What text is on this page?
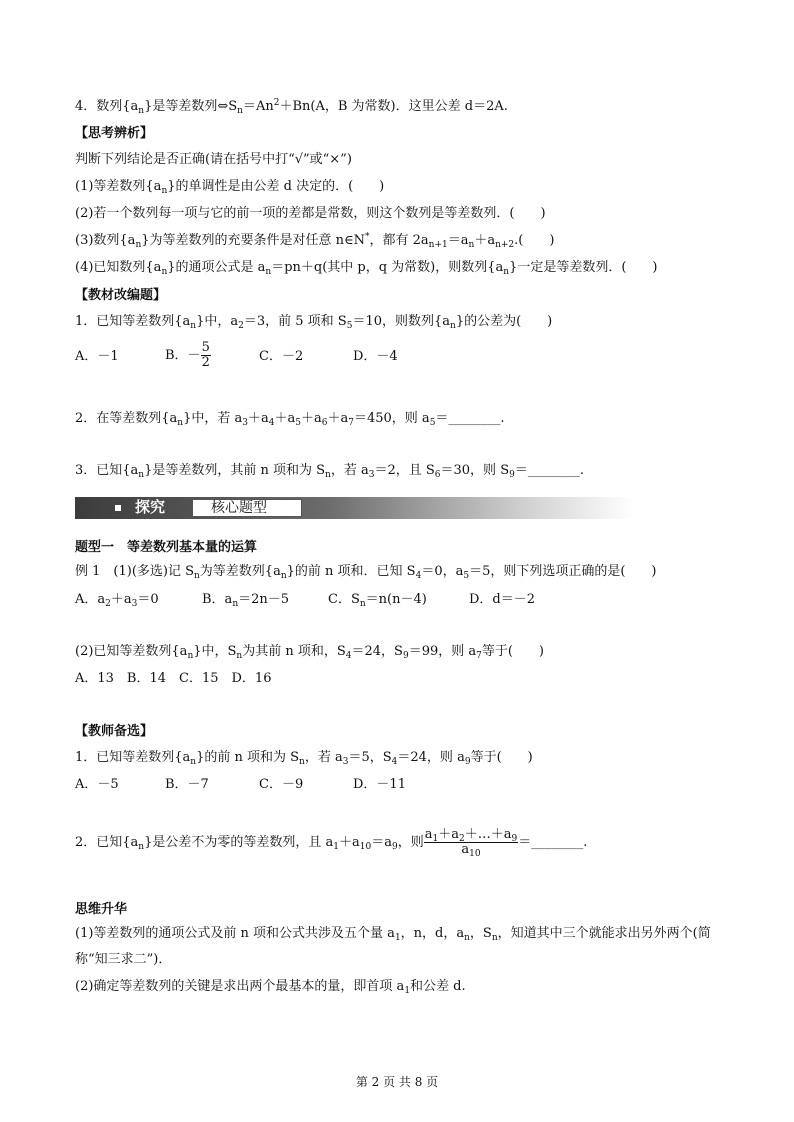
4．数列$\{a_n\}$是等差数列$\Leftrightarrow S_n=An^2+Bn(A$，B 为常数)．这里公差 d＝2A.
【思考辨析】
判断下列结论是否正确(请在括号中打“√”或“×”)
(1)等差数列$\{a_n\}$的单调性是由公差 d 决定的．(　　)
(2)若一个数列每一项与它的前一项的差都是常数，则这个数列是等差数列．(　　)
(3)数列$\{a_n\}$为等差数列的充要条件是对任意 n∈N*，都有 $2a_{n+1}=a_n+a_{n+2}$.(　　)
(4)已知数列$\{a_n\}$的通项公式是 $a_n=pn+q$(其中 p，q 为常数)，则数列$\{a_n\}$一定是等差数列．(　　)
【教材改编题】
1．已知等差数列$\{a_n\}$中，$a_2=3$，前 5 项和 $S_5=10$，则数列$\{a_n\}$的公差为(　　)
A．－1	B．－ $\frac{5}{2}$	C．－2	D．－4
2．在等差数列$\{a_n\}$中，若 $a_3+a_4+a_5+a_6+a_7=450$，则 $a_5=\_\_\_\_\_\_\_\_$.
3．已知$\{a_n\}$是等差数列，其前 n 项和为 $S_n$，若 $a_3=2$，且 $S_6=30$，则 $S_9=\_\_\_\_\_\_\_\_$.
探究	核心题型
题型一　等差数列基本量的运算
例 1　(1)(多选)记 $S_n$为等差数列$\{a_n\}$的前 n 项和．已知 $S_4=0$，$a_5=5$，则下列选项正确的是(　　)
A．$a_2+a_3=0$	B．$a_n=2n-5$	C．$S_n=n(n-4)$	D．d＝－2
(2)已知等差数列$\{a_n\}$中，$S_n$为其前 n 项和，$S_4=24$，$S_9=99$，则 $a_7$等于(　　)
A．13　B．14　C．15　D．16
【教师备选】
1．已知等差数列$\{a_n\}$的前 n 项和为 $S_n$，若 $a_3=5$，$S_4=24$，则 $a_9$等于(　　)
A．－5	B．－7	C．－9	D．－11
2．已知$\{a_n\}$是公差不为零的等差数列，且 $a_1+a_{10}=a_9$，则 $\frac{a_1+a_2+\dots+a_9}{a_{10}}$ ＝________.
思维升华
(1)等差数列的通项公式及前 n 项和公式共涉及五个量 $a_1$，n，d，$a_n$，$S_n$，知道其中三个就能求出另外两个(简
称“知三求二”)．
(2)确定等差数列的关键是求出两个最基本的量，即首项 $a_1$和公差 d.
第 2 页 共 8 页
